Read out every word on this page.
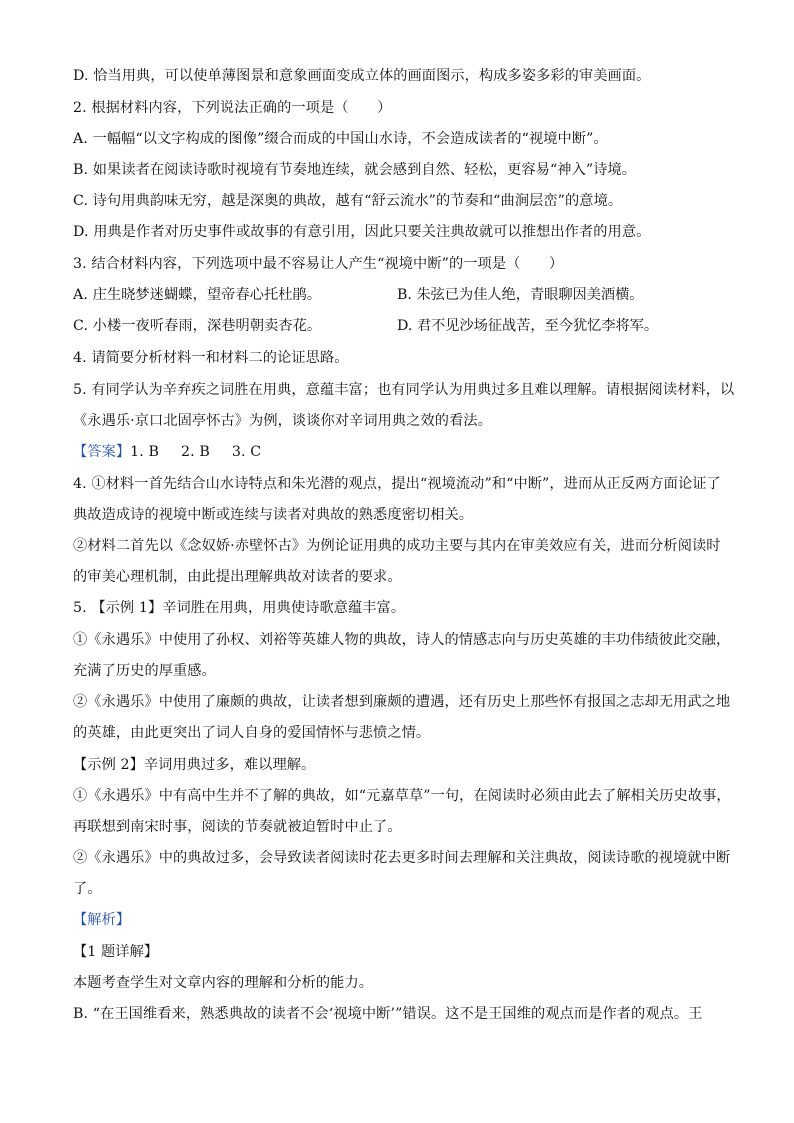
D. 恰当用典，可以使单薄图景和意象画面变成立体的画面图示，构成多姿多彩的审美画面。
2. 根据材料内容，下列说法正确的一项是（　　）
A. 一幅幅“以文字构成的图像”缀合而成的中国山水诗，不会造成读者的“视境中断”。
B. 如果读者在阅读诗歌时视境有节奏地连续，就会感到自然、轻松，更容易“神入”诗境。
C. 诗句用典韵味无穷，越是深奥的典故，越有“舒云流水”的节奏和“曲涧层峦”的意境。
D. 用典是作者对历史事件或故事的有意引用，因此只要关注典故就可以推想出作者的用意。
3. 结合材料内容，下列选项中最不容易让人产生“视境中断”的一项是（　　）
A. 庄生晓梦迷蝴蝶，望帝春心托杜鹃。	B. 朱弦已为佳人绝，青眼聊因美酒横。
C. 小楼一夜听春雨，深巷明朝卖杏花。	D. 君不见沙场征战苦，至今犹忆李将军。
4. 请简要分析材料一和材料二的论证思路。
5. 有同学认为辛弃疾之词胜在用典，意蕴丰富；也有同学认为用典过多且难以理解。请根据阅读材料，以
《永遇乐·京口北固亭怀古》为例，谈谈你对辛词用典之效的看法。
【答案】1. B 2. B 3. C
4. ①材料一首先结合山水诗特点和朱光潜的观点，提出“视境流动”和“中断”，进而从正反两方面论证了
典故造成诗的视境中断或连续与读者对典故的熟悉度密切相关。
②材料二首先以《念奴娇·赤壁怀古》为例论证用典的成功主要与其内在审美效应有关，进而分析阅读时
的审美心理机制，由此提出理解典故对读者的要求。
5. 【示例 1】辛词胜在用典，用典使诗歌意蕴丰富。
①《永遇乐》中使用了孙权、刘裕等英雄人物的典故，诗人的情感志向与历史英雄的丰功伟绩彼此交融，
充满了历史的厚重感。
②《永遇乐》中使用了廉颇的典故，让读者想到廉颇的遭遇，还有历史上那些怀有报国之志却无用武之地
的英雄，由此更突出了词人自身的爱国情怀与悲愤之情。
【示例 2】辛词用典过多，难以理解。
①《永遇乐》中有高中生并不了解的典故，如“元嘉草草”一句，在阅读时必须由此去了解相关历史故事，
再联想到南宋时事，阅读的节奏就被迫暂时中止了。
②《永遇乐》中的典故过多，会导致读者阅读时花去更多时间去理解和关注典故，阅读诗歌的视境就中断
了。
【解析】
【1 题详解】
本题考查学生对文章内容的理解和分析的能力。
B. “在王国维看来，熟悉典故的读者不会‘视境中断’”错误。这不是王国维的观点而是作者的观点。王
